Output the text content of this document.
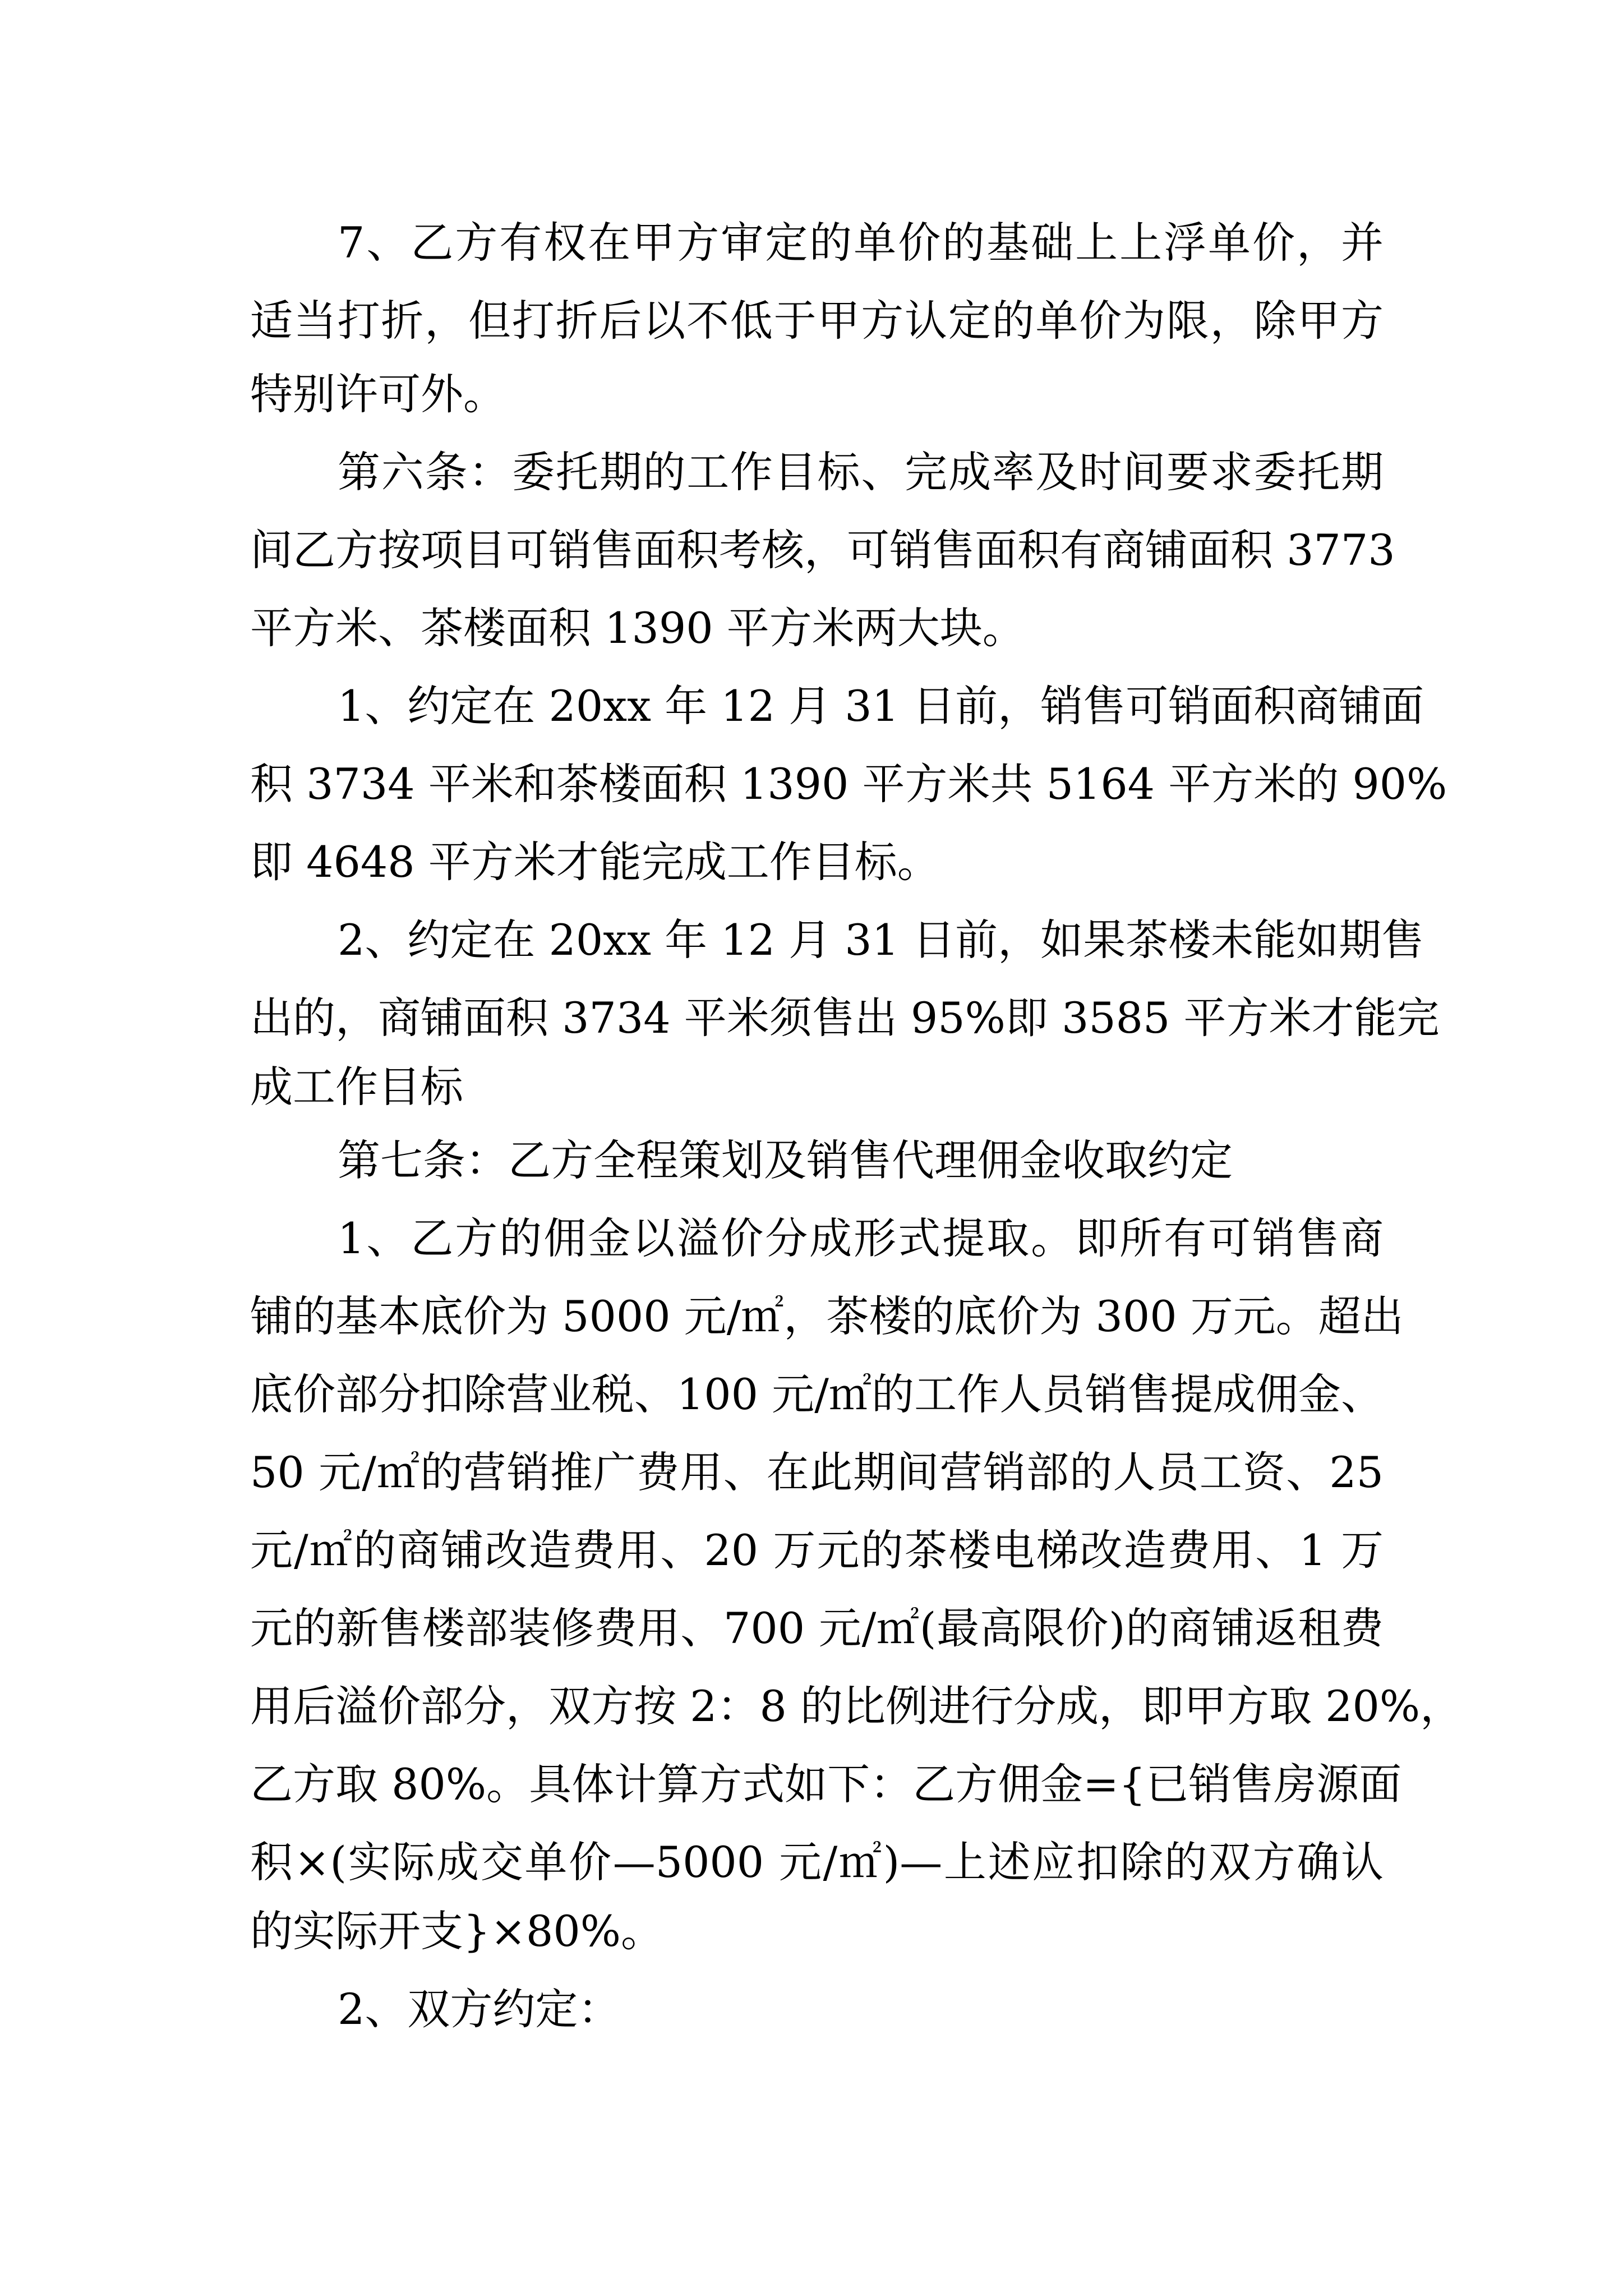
7、乙方有权在甲方审定的单价的基础上上浮单价，并
适当打折，但打折后以不低于甲方认定的单价为限，除甲方
特别许可外。
第六条：委托期的工作目标、完成率及时间要求委托期
间乙方按项目可销售面积考核，可销售面积有商铺面积 3773
平方米、茶楼面积 1390 平方米两大块。
1、约定在 20xx 年 12 月 31 日前，销售可销面积商铺面
积 3734 平米和茶楼面积 1390 平方米共 5164 平方米的 90%
即 4648 平方米才能完成工作目标。
2、约定在 20xx 年 12 月 31 日前，如果茶楼未能如期售
出的，商铺面积 3734 平米须售出 95%即 3585 平方米才能完
成工作目标
第七条：乙方全程策划及销售代理佣金收取约定
1、乙方的佣金以溢价分成形式提取。即所有可销售商
铺的基本底价为 5000 元/㎡，茶楼的底价为 300 万元。超出
底价部分扣除营业税、100 元/㎡的工作人员销售提成佣金、
50 元/㎡的营销推广费用、在此期间营销部的人员工资、25
元/㎡的商铺改造费用、20 万元的茶楼电梯改造费用、1 万
元的新售楼部装修费用、700 元/㎡(最高限价)的商铺返租费
用后溢价部分，双方按 2：8 的比例进行分成，即甲方取 20%，
乙方取 80%。具体计算方式如下：乙方佣金={已销售房源面
积×(实际成交单价—5000 元/㎡)—上述应扣除的双方确认
的实际开支}×80%。
2、双方约定：
